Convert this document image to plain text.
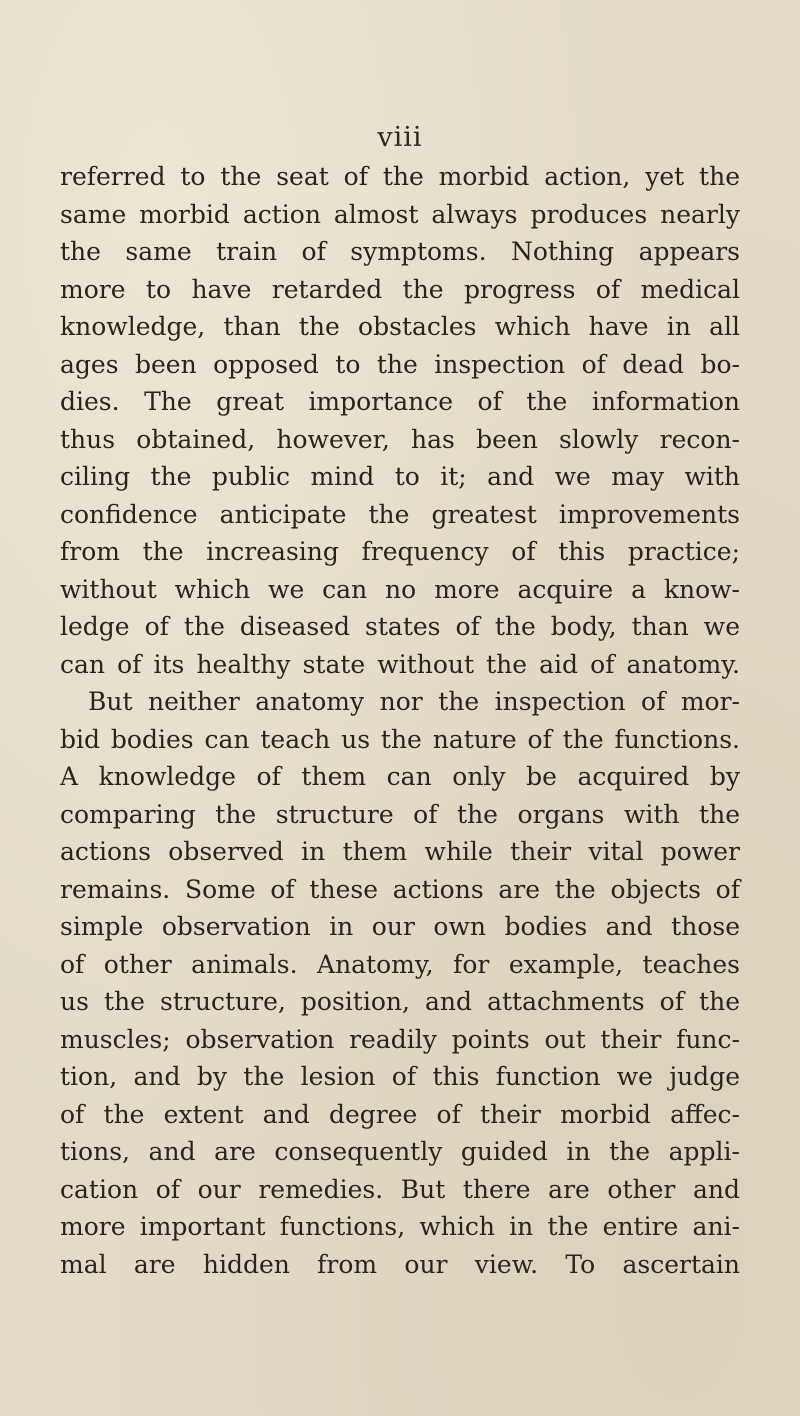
viii
referred to the seat of the morbid action, yet the
same morbid action almost always produces nearly
the same train of symptoms. Nothing appears
more to have retarded the progress of medical
knowledge, than the obstacles which have in all
ages been opposed to the inspection of dead bo-
dies. The great importance of the information
thus obtained, however, has been slowly recon-
ciling the public mind to it; and we may with
confidence anticipate the greatest improvements
from the increasing frequency of this practice;
without which we can no more acquire a know-
ledge of the diseased states of the body, than we
can of its healthy state without the aid of anatomy.
But neither anatomy nor the inspection of mor-
bid bodies can teach us the nature of the functions.
A knowledge of them can only be acquired by
comparing the structure of the organs with the
actions observed in them while their vital power
remains. Some of these actions are the objects of
simple observation in our own bodies and those
of other animals. Anatomy, for example, teaches
us the structure, position, and attachments of the
muscles; observation readily points out their func-
tion, and by the lesion of this function we judge
of the extent and degree of their morbid affec-
tions, and are consequently guided in the appli-
cation of our remedies. But there are other and
more important functions, which in the entire ani-
mal are hidden from our view. To ascertain
